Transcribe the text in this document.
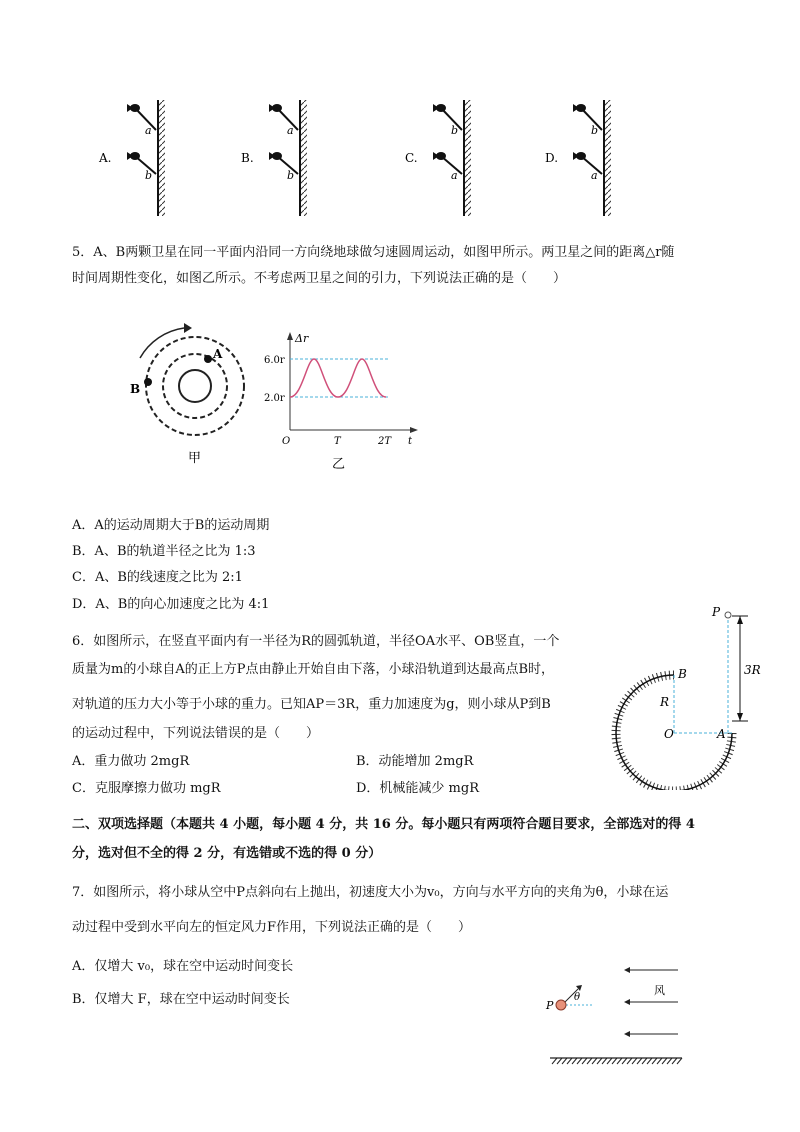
A.
a
b
B.
a
b
C.
b
a
D.
b
a
5．A、B两颗卫星在同一平面内沿同一方向绕地球做匀速圆周运动，如图甲所示。两卫星之间的距离△r随
时间周期性变化，如图乙所示。不考虑两卫星之间的引力，下列说法正确的是（　　）
A
B
甲
Δr
6.0r
2.0r
O	T	2T t
乙
A．A的运动周期大于B的运动周期
B．A、B的轨道半径之比为 1:3
C．A、B的线速度之比为 2:1
D．A、B的向心加速度之比为 4:1
6．如图所示，在竖直平面内有一半径为R的圆弧轨道，半径OA水平、OB竖直，一个
质量为m的小球自A的正上方P点由静止开始自由下落，小球沿轨道到达最高点B时，
对轨道的压力大小等于小球的重力。已知AP＝3R，重力加速度为g，则小球从P到B
的运动过程中，下列说法错误的是（　　）
A．重力做功 2mgR	B．动能增加 2mgR
C．克服摩擦力做功 mgR	D．机械能减少 mgR
P
B
R
O	A
3R
二、双项选择题（本题共 4 小题，每小题 4 分，共 16 分。每小题只有两项符合题目要求，全部选对的得 4
分，选对但不全的得 2 分，有选错或不选的得 0 分）
7．如图所示，将小球从空中P点斜向右上抛出，初速度大小为v₀，方向与水平方向的夹角为θ，小球在运
动过程中受到水平向左的恒定风力F作用，下列说法正确的是（　　）
A．仅增大 v₀，球在空中运动时间变长
B．仅增大 F，球在空中运动时间变长
风
P
θ
